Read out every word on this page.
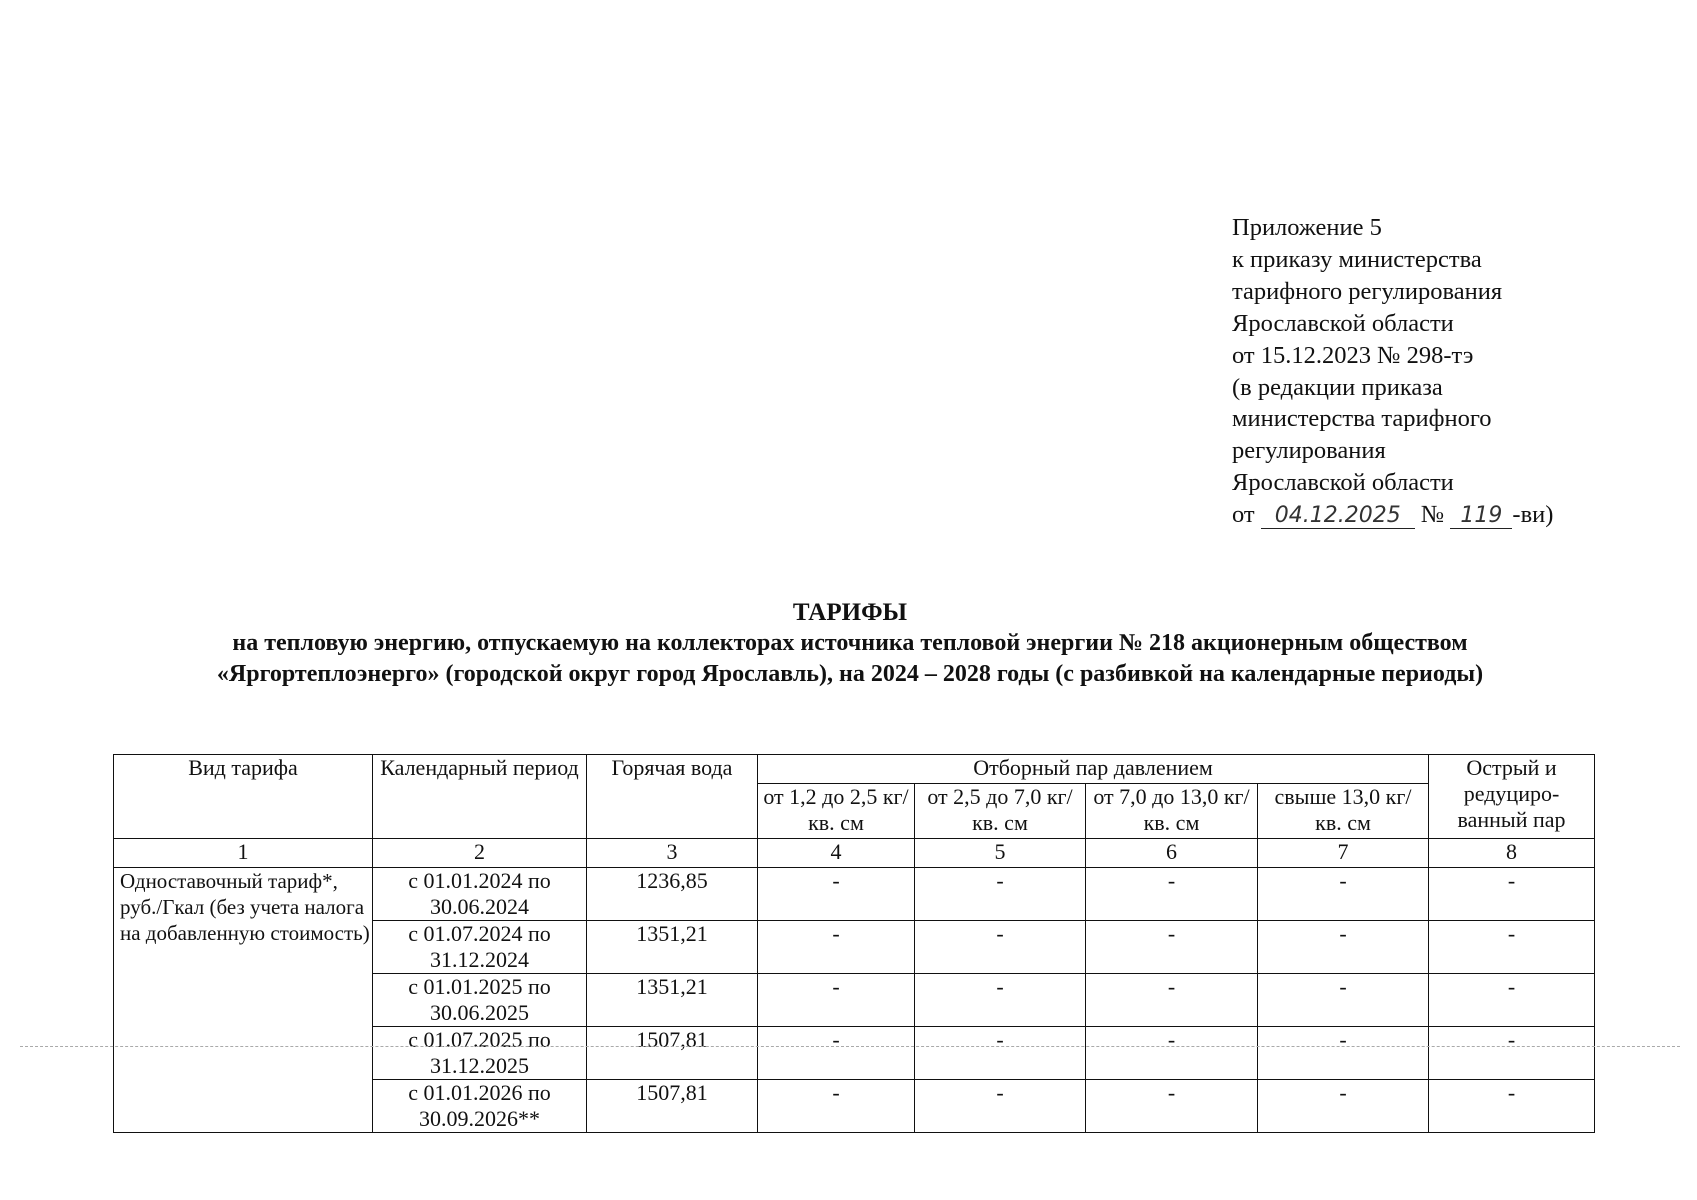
Приложение 5
к приказу министерства
тарифного регулирования
Ярославской области
от 15.12.2023 № 298-тэ
(в редакции приказа
министерства тарифного
регулирования
Ярославской области
от 04.12.2025 № 119 -ви)
ТАРИФЫ
на тепловую энергию, отпускаемую на коллекторах источника тепловой энергии № 218 акционерным обществом «Яргортеплоэнерго» (городской округ город Ярославль), на 2024 – 2028 годы (с разбивкой на календарные периоды)
Вид тарифа	Календарный период	Горячая вода	Отборный пар давлением				Острый и редуциро-ванный пар
			от 1,2 до 2,5 кг/ кв. см	от 2,5 до 7,0 кг/ кв. см	от 7,0 до 13,0 кг/ кв. см	свыше 13,0 кг/ кв. см	
1	2	3	4	5	6	7	8
Одноставочный тариф*, руб./Гкал (без учета налога на добавленную стоимость)	с 01.01.2024 по 30.06.2024	1236,85	-	-	-	-	-
	с 01.07.2024 по 31.12.2024	1351,21	-	-	-	-	-
	с 01.01.2025 по 30.06.2025	1351,21	-	-	-	-	-
	с 01.07.2025 по 31.12.2025	1507,81	-	-	-	-	-
	с 01.01.2026 по 30.09.2026**	1507,81	-	-	-	-	-
